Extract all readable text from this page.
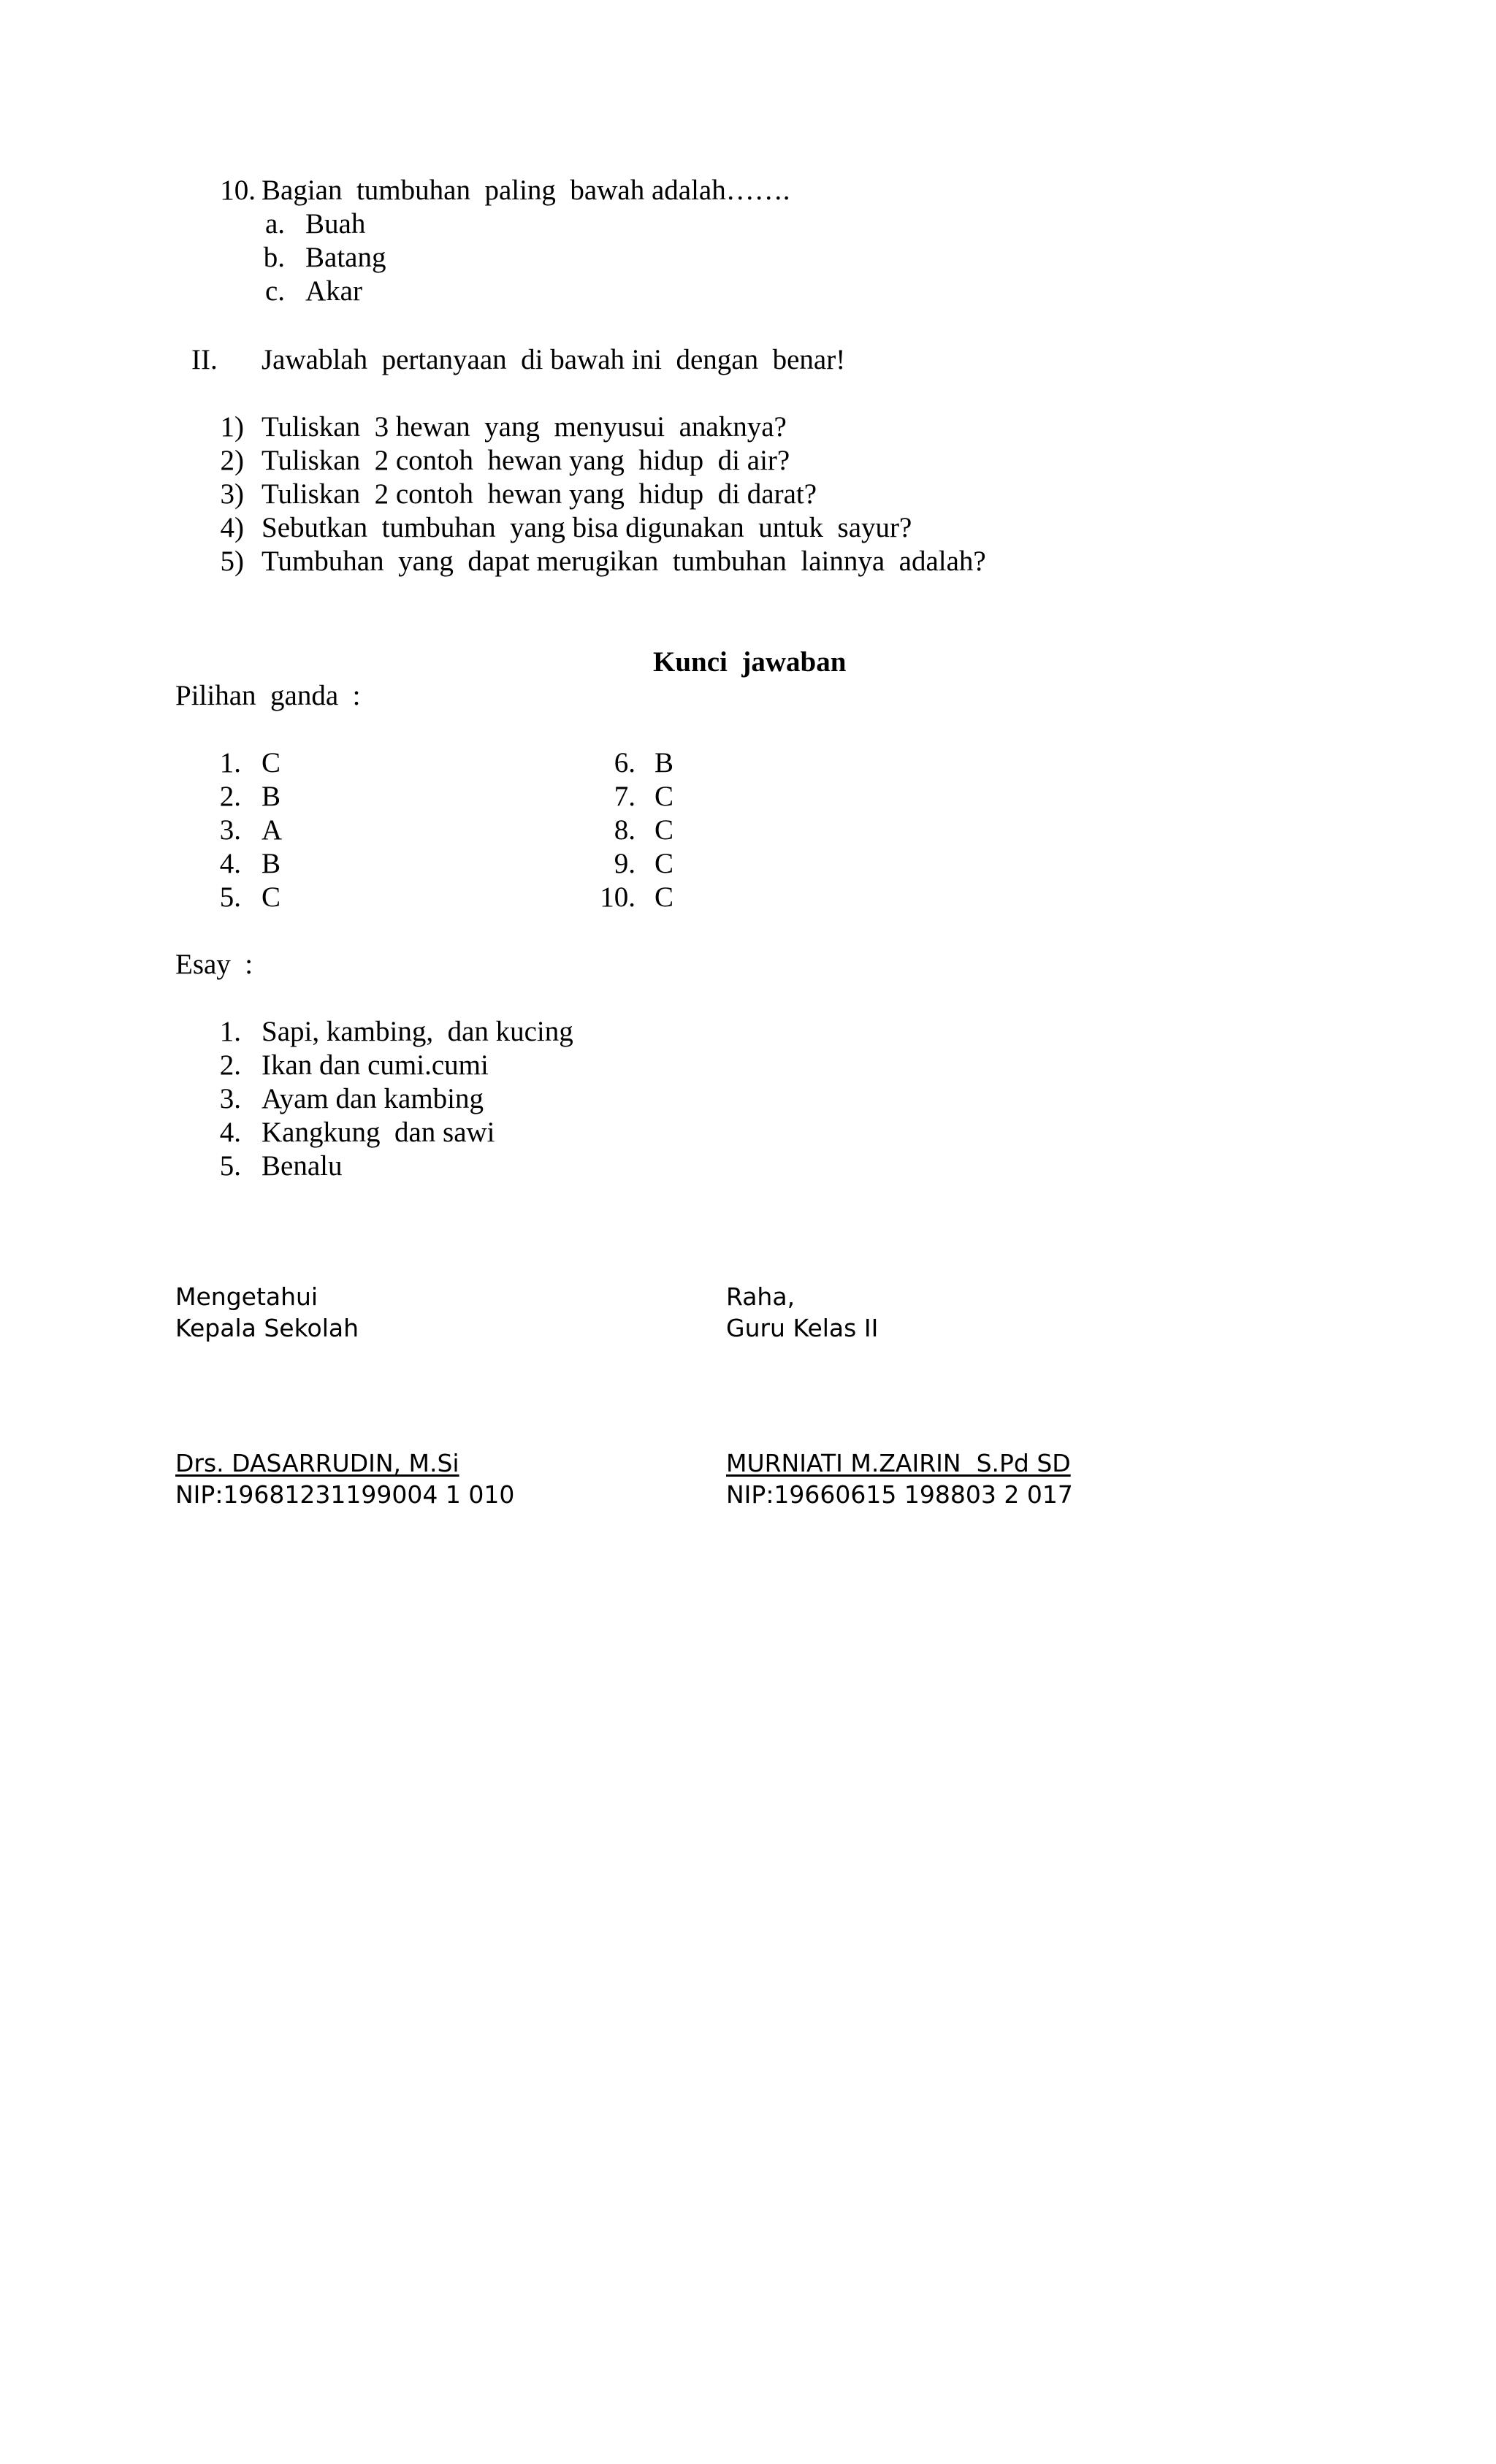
10.

Bagian  tumbuhan  paling  bawah adalah…….

a.

Buah

b.

Batang

c.

Akar

II.

Jawablah  pertanyaan  di bawah ini  dengan  benar!

1)

Tuliskan  3 hewan  yang  menyusui  anaknya?

2)

Tuliskan  2 contoh  hewan yang  hidup  di air?

3)

Tuliskan  2 contoh  hewan yang  hidup  di darat?

4)

Sebutkan  tumbuhan  yang bisa digunakan  untuk  sayur?

5)

Tumbuhan  yang  dapat merugikan  tumbuhan  lainnya  adalah?

Kunci  jawaban

Pilihan  ganda  :

1.

C

2.

B

3.

A

4.

B

5.

C

6.

B

7.

C

8.

C

9.

C

10.

C

Esay  :

1.

Sapi, kambing,  dan kucing

2.

Ikan dan cumi.cumi

3.

Ayam dan kambing

4.

Kangkung  dan sawi

5.

Benalu

Mengetahui

Kepala Sekolah

Drs. DASARRUDIN, M.Si

NIP:19681231199004 1 010

Raha,

Guru Kelas II

MURNIATI M.ZAIRIN  S.Pd SD

NIP:19660615 198803 2 017
